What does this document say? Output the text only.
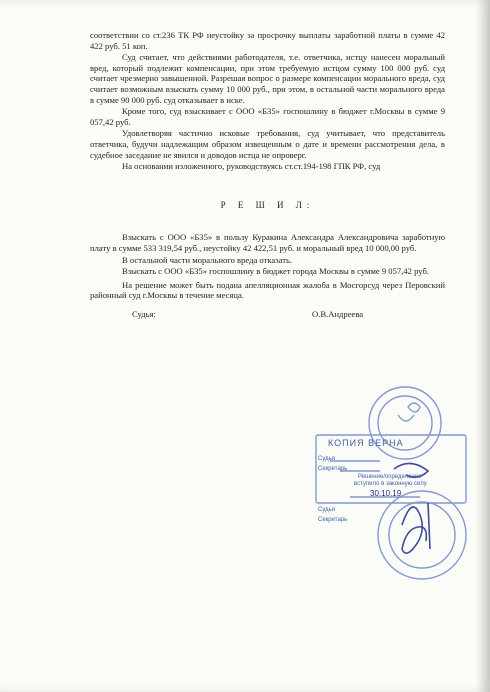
соответствии со ст.236 ТК РФ неустойку за просрочку выплаты заработной платы в сумме 42 422 руб. 51 коп.

Суд считает, что действиями работодателя, т.е. ответчика, истцу нанесен моральный вред, который подлежит компенсации, при этом требуемую истцом сумму 100 000 руб. суд считает чрезмерно завышенной. Разрешая вопрос о размере компенсации морального вреда, суд считает возможным взыскать сумму 10 000 руб., при этом, в остальной части морального вреда в сумме 90 000 руб. суд отказывает в иске.

Кроме того, суд взыскивает с ООО «Б35» госпошлину в бюджет г.Москвы в сумме 9 057,42 руб.

Удовлетворяя частично исковые требования, суд учитывает, что представитель ответчика, будучи надлежащим образом извещенным о дате и времени рассмотрения дела, в судебное заседание не явился и доводов истца не опроверг.

На основании изложенного, руководствуясь ст.ст.194-198 ГПК РФ, суд

Р Е Ш И Л:

Взыскать с ООО «Б35» в пользу Куракина Александра Александровича заработную плату в сумме 533 319,54 руб., неустойку 42 422,51 руб. и моральный вред 10 000,00 руб.

В остальной части морального вреда отказать.

Взыскать с ООО «Б35» госпошлину в бюджет города Москвы в сумме 9 057,42 руб.

На решение может быть подана апелляционная жалоба в Мосгорсуд через Перовский районный суд г.Москвы в течение месяца.

Судья:	О.В.Андреева
КОПИЯ ВЕРНА
Судья
Секретарь
Решение/определение
вступило в законную силу
30.10.19
Судья
Секретарь
